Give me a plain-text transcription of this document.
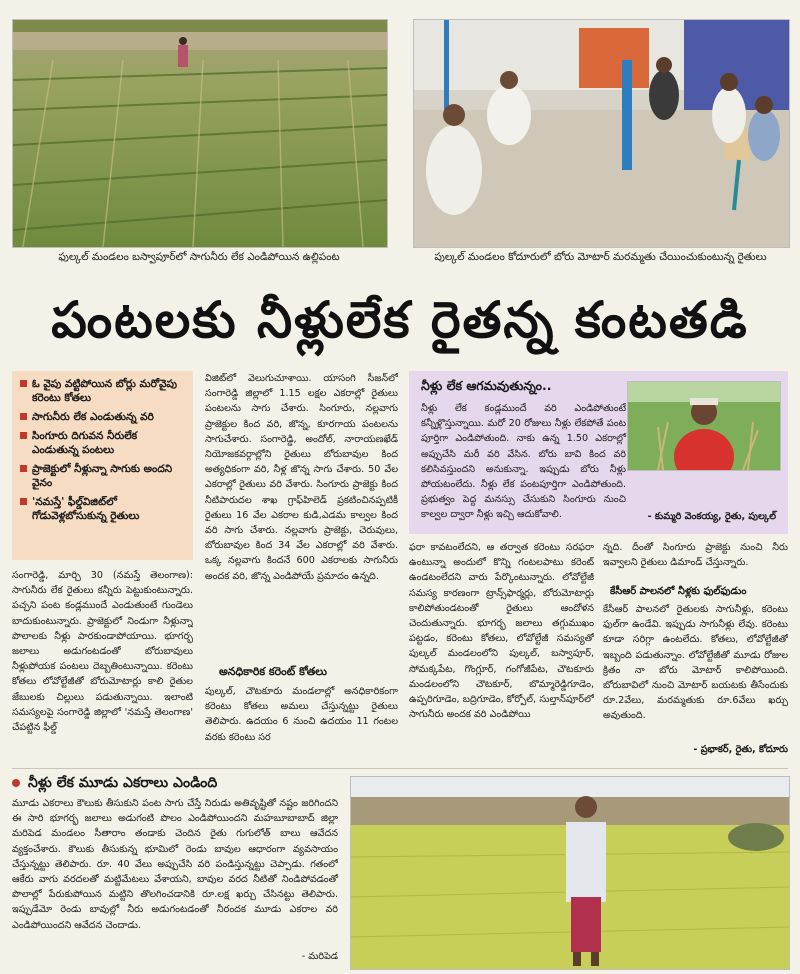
ఫుల్కల్ మండలం బస్వాపూర్‌లో సాగునీరు లేక ఎండిపోయిన ఉల్లిపంట	పుల్కల్ మండలం కోదూరులో బోరు మోటార్ మరమ్మతు చేయించుకుంటున్న రైతులు
పంటలకు నీళ్లులేక రైతన్న కంటతడి
ఓ వైపు వట్టిపోయిన బోర్లు మరోవైపు కరెంటు కోతలు
సాగునీరు లేక ఎండుతున్న వరి
సింగూరు దిగువన నీరులేక ఎండుతున్న పంటలు
ప్రాజెక్టులో నీళ్లున్నా సాగుకు అందని వైనం
'నమస్తే' ఫీల్డ్‌విజిట్‌లో గోడువెళ్లబోసుకున్న రైతులు

సంగారెడ్డి, మార్చి 30 (నమస్తే తెలంగాణ): సాగునీరు లేక రైతులు కన్నీరు పెట్టుకుంటున్నారు. పచ్చని పంట కండ్లముందే ఎండుతుంటే గుండెలు బాదుకుంటున్నారు. ప్రాజెక్టులో నిండుగా నీళ్లున్నా పొలాలకు నీళ్లు పారకుండాపోయాయి. భూగర్భ జలాలు అడుగంటడంతో బోరుబావులు నీళ్లుపోయక పంటలు దెబ్బతింటున్నాయి. కరెంటు కోతలు లోవోల్టేజీతో బోరుమోటార్లు కాలి రైతుల జేబులకు చిల్లులు పడుతున్నాయి. ఇలాంటి సమస్యలపై సంగారెడ్డి జిల్లాలో 'నమస్తే తెలంగాణ' చేపట్టిన ఫీల్డ్

విజిట్‌లో వెలుగుచూశాయి. యాసంగి సీజన్‌లో సంగారెడ్డి జిల్లాలో 1.15 లక్షల ఎకరాల్లో రైతులు పంటలను సాగు చేశారు. సింగూరు, నల్లవాగు ప్రాజెక్టుల కింద వరి, జొన్న, కూరగాయ పంటలను సాగుచేశారు. సంగారెడ్డి, అందోల్, నారాయణఖేడ్ నియోజకవర్గాల్లోని రైతులు బోరుబావుల కింద అత్యధికంగా వరి, నీళ్ల జొన్న సాగు చేశారు. 50 వేల ఎకరాల్లో రైతులు వరి వేశారు. సింగూరు ప్రాజెక్టు కింద నీటిపారుదల శాఖ గ్రాఫ్‌హిలెడ్ ప్రకటించినప్పటికీ రైతులు 16 వేల ఎకరాల కుడి,ఎడమ కాల్వల కింద వరి సాగు చేశారు. నల్లవాగు ప్రాజెక్టు, చెరువులు, బోరుబావుల కింద 34 వేల ఎకరాల్లో వరి వేశారు. ఒక్క నల్లవాగు కిందనే 600 ఎకరాలకు సాగునీరు అందక వరి, జొన్న ఎండిపోయే ప్రమాదం ఉన్నది.

అనధికారిక కరెంట్ కోతలు

పుల్కల్, చౌటకూరు మండలాల్లో అనధికారికంగా కరెంటు కోతలు అమలు చేస్తున్నట్టు రైతులు తెలిపారు. ఉదయం 6 నుంచి ఉదయం 11 గంటల వరకు కరెంటు సర

నీళ్లు లేక ఆగమవుతున్నం..
నీళ్లు లేక కండ్లముందే వరి ఎండిపోతుంటే కన్నీళ్లొస్తున్నాయి. మరో 20 రోజులు నీళ్లు లేకపోతే పంట పూర్తిగా ఎండిపోతుంది. నాకు ఉన్న 1.50 ఎకరాల్లో అప్పుచేసి మరీ వరి వేసిన. బోరు బావి కింద వరి కలిసివస్తుందని అనుకున్నా. ఇప్పుడు బోరు నీళ్లు పోయటంలేదు. నీళ్లు లేక పంటపూర్తిగా ఎండిపోతుంది. ప్రభుత్వం పెద్ద మనస్సు చేసుకుని సింగూరు నుంచి కాల్వల ద్వారా నీళ్లు ఇచ్చి ఆదుకోవాలి.	- కుమ్మరి వెంకయ్య, రైతు, పుల్కల్

ఫరా కావటంలేదని, ఆ తర్వాత కరెంటు సరఫరా ఉంటున్నా అందులో కొన్ని గంటలపాటు కరెంట్ ఉండటంలేదని వారు పేర్కొంటున్నారు. లోవోల్టేజీ సమస్య కారణంగా ట్రాన్స్‌ఫార్మర్లు, బోరుమోటార్లు కాలిపోతుండటంతో రైతులు ఆందోళన చెందుతున్నారు. భూగర్భ జలాలు తగ్గుముఖం పట్టడం, కరెంటు కోతలు, లోవోల్టేజీ సమస్యతో పుల్కల్ మండలంలోని పుల్కల్, బస్వాపూర్, సోమక్కపేట, గొంగ్లూర్, గంగోజీపేట, చౌటకూరు మండలంలోని చౌటకూర్, బొమ్మారెడ్డిగూడెం, ఉప్పరిగూడెం, బద్రిగూడెం, కోర్పోల్, సుల్తాన్‌పూర్‌లో సాగునీరు అందక వరి ఎండిపోయి

న్నది. దీంతో సింగూరు ప్రాజెక్టు నుంచి నీరు ఇవ్వాలని రైతులు డిమాండ్ చేస్తున్నారు.

కేసీఆర్ పాలనలో నీళ్లకు ఫుల్‌ఫుడుం

కేసీఆర్ పాలనలో రైతులకు సాగునీళ్లు, కరెంటు ఫుల్‌గా ఉండేవి. ఇప్పుడు సాగునీళ్లు లేవు. కరెంటు కూడా సరిగ్గా ఉంటలేదు. కోతలు, లోవోల్టేజీతో ఇబ్బంది పడుతున్నాం. లోవోల్టేజీతో మూడు రోజుల క్రితం నా బోరు మోటార్ కాలిపోయింది. బోరుబావిలో నుంచి మోటార్ బయటకు తీసేందుకు రూ.2వేలు, మరమ్మతుకు రూ.6వేలు ఖర్చు అవుతుంది.

- ప్రభాకర్, రైతు, కోదూరు
నీళ్లు లేక మూడు ఎకరాలు ఎండింది

మూడు ఎకరాలు కౌలుకు తీసుకుని పంట సాగు చేస్తే నిరుడు అతివృష్టితో నష్టం జరిగిందని ఈ సారి భూగర్భ జలాలు అడుగంటి పొలం ఎండిపోయిందని మహబూబాబాద్ జిల్లా మరిపెడ మండలం సీతారాం తండాకు చెందిన రైతు గుగులోత్ బాలు ఆవేదన వ్యక్తంచేశారు. కౌలుకు తీసుకున్న భూమిలో రెండు బావుల ఆధారంగా వ్యవసాయం చేస్తున్నట్టు తెలిపారు. రూ. 40 వేలు అప్పుచేసి వరి పండిస్తున్నట్టు చెప్పాడు. గతంలో ఆకేరు వాగు వరదలతో మట్టిమేటలు వేశాయని, బావుల వరద నీటితో నిండిపోవడంతో పొలాల్లో పేరుకుపోయిన మట్టిని తొలగించడానికి రూ.లక్ష ఖర్చు చేసినట్టు తెలిపారు. ఇప్పుడేమో రెండు బావుల్లో నీరు అడుగంటడంతో నీరందక మూడు ఎకరాల వరి ఎండిపోయిందని ఆవేదన చెందాడు.

- మరిపెడ
